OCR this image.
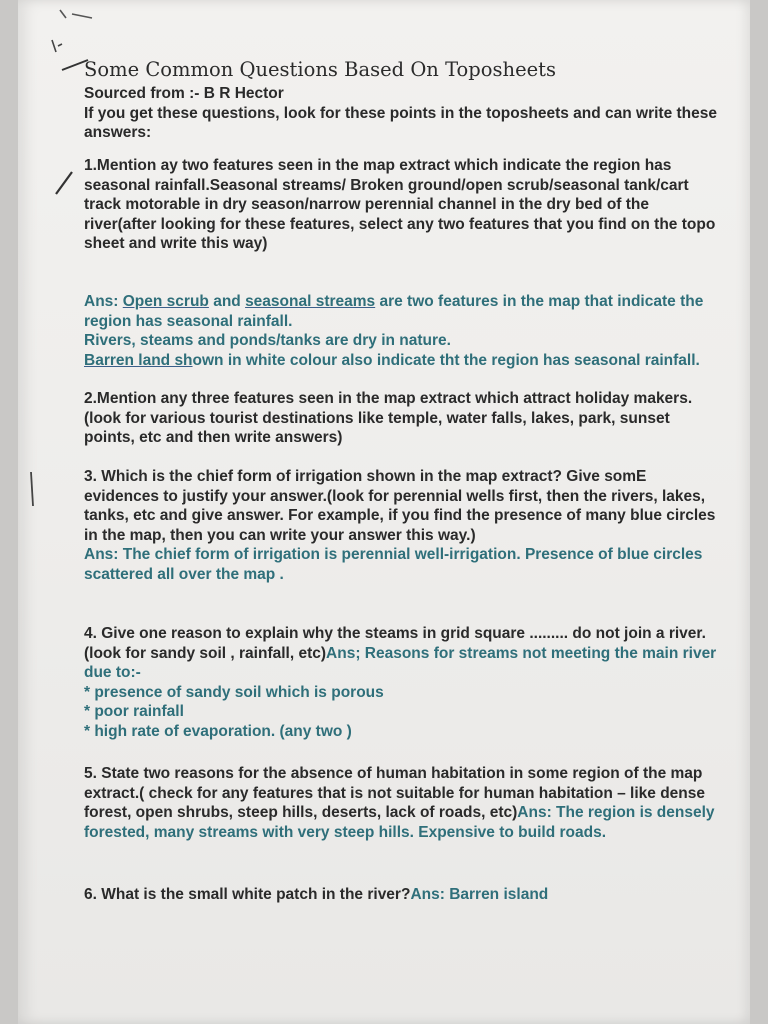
Some Common Questions Based On Toposheets

Sourced from :- B R Hector

If you get these questions, look for these points in the toposheets and can write these answers:

1.Mention ay two features seen in the map extract which indicate the region has seasonal rainfall.Seasonal streams/ Broken ground/open scrub/seasonal tank/cart track motorable in dry season/narrow perennial channel in the dry bed of the river(after looking for these features, select any two features that you find on the topo sheet and write this way)

Ans: Open scrub and seasonal streams are two features in the map that indicate the region has seasonal rainfall.

Rivers, steams and ponds/tanks are dry in nature.

Barren land shown in white colour also indicate tht the region has seasonal rainfall.

2.Mention any three features seen in the map extract which attract holiday makers.(look for various tourist destinations like temple, water falls, lakes, park, sunset points, etc and then write answers)

3. Which is the chief form of irrigation shown in the map extract? Give somE evidences to justify your answer.(look for perennial wells first, then the rivers, lakes, tanks, etc and give answer. For example, if you find the presence of many blue circles in the map, then you can write your answer this way.)

Ans: The chief form of irrigation is perennial well-irrigation. Presence of blue circles scattered all over the map .

4. Give one reason to explain why the steams in grid square ......... do not join a river.

(look for sandy soil , rainfall, etc)Ans; Reasons for streams not meeting the main river due to:-

* presence of sandy soil which is porous

* poor rainfall

* high rate of evaporation. (any two )

5. State two reasons for the absence of human habitation in some region of the map extract.( check for any features that is not suitable for human habitation – like dense forest, open shrubs, steep hills, deserts, lack of roads, etc)Ans: The region is densely forested, many streams with very steep hills. Expensive to build roads.

6. What is the small white patch in the river?Ans: Barren island
